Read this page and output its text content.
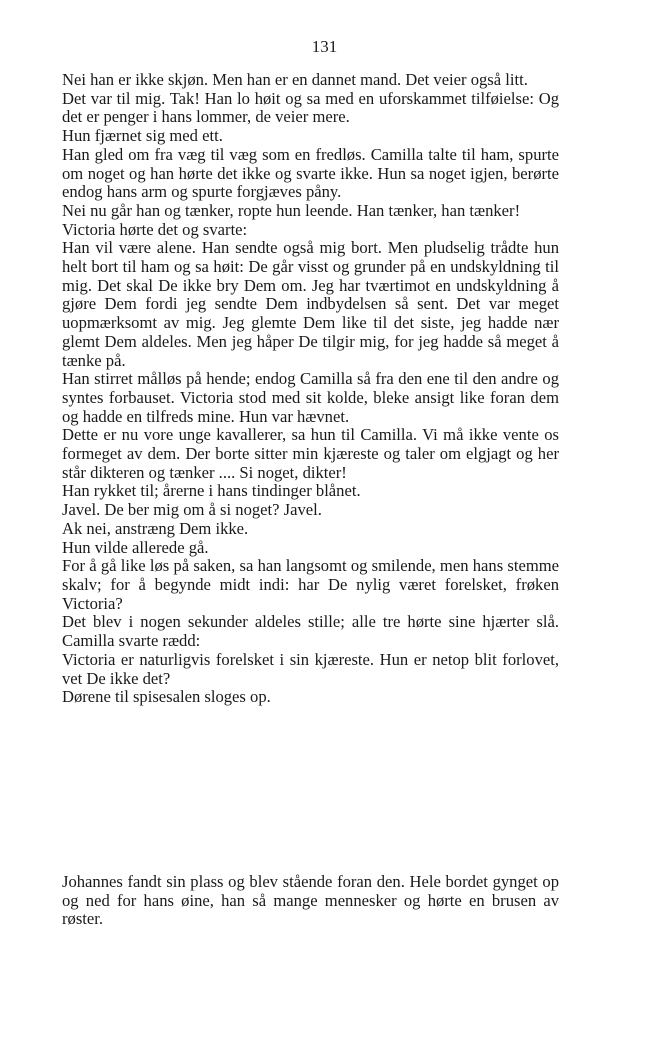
131

Nei han er ikke skjøn. Men han er en dannet mand. Det veier også litt.

Det var til mig. Tak! Han lo høit og sa med en uforskammet tilføielse: Og det er penger i hans lommer, de veier mere.

Hun fjærnet sig med ett.

Han gled om fra væg til væg som en fredløs. Camilla talte til ham, spurte om noget og han hørte det ikke og svarte ikke. Hun sa noget igjen, berørte endog hans arm og spurte forgjæves påny.

Nei nu går han og tænker, ropte hun leende. Han tænker, han tænker!

Victoria hørte det og svarte:

Han vil være alene. Han sendte også mig bort. Men pludselig trådte hun helt bort til ham og sa høit: De går visst og grunder på en undskyldning til mig. Det skal De ikke bry Dem om. Jeg har tværtimot en undskyldning å gjøre Dem fordi jeg sendte Dem indbydelsen så sent. Det var meget uopmærksomt av mig. Jeg glemte Dem like til det siste, jeg hadde nær glemt Dem aldeles. Men jeg håper De tilgir mig, for jeg hadde så meget å tænke på.

Han stirret målløs på hende; endog Camilla så fra den ene til den andre og syntes forbauset. Victoria stod med sit kolde, bleke ansigt like foran dem og hadde en tilfreds mine. Hun var hævnet.

Dette er nu vore unge kavallerer, sa hun til Camilla. Vi må ikke vente os formeget av dem. Der borte sitter min kjæreste og taler om elgjagt og her står dikteren og tænker .... Si noget, dikter!

Han rykket til; årerne i hans tindinger blånet.

Javel. De ber mig om å si noget? Javel.

Ak nei, anstræng Dem ikke.

Hun vilde allerede gå.

For å gå like løs på saken, sa han langsomt og smilende, men hans stemme skalv; for å begynde midt indi: har De nylig været forelsket, frøken Victoria?

Det blev i nogen sekunder aldeles stille; alle tre hørte sine hjærter slå. Camilla svarte rædd:

Victoria er naturligvis forelsket i sin kjæreste. Hun er netop blit forlovet, vet De ikke det?

Dørene til spisesalen sloges op.

Johannes fandt sin plass og blev stående foran den. Hele bordet gynget op og ned for hans øine, han så mange mennesker og hørte en brusen av røster.
